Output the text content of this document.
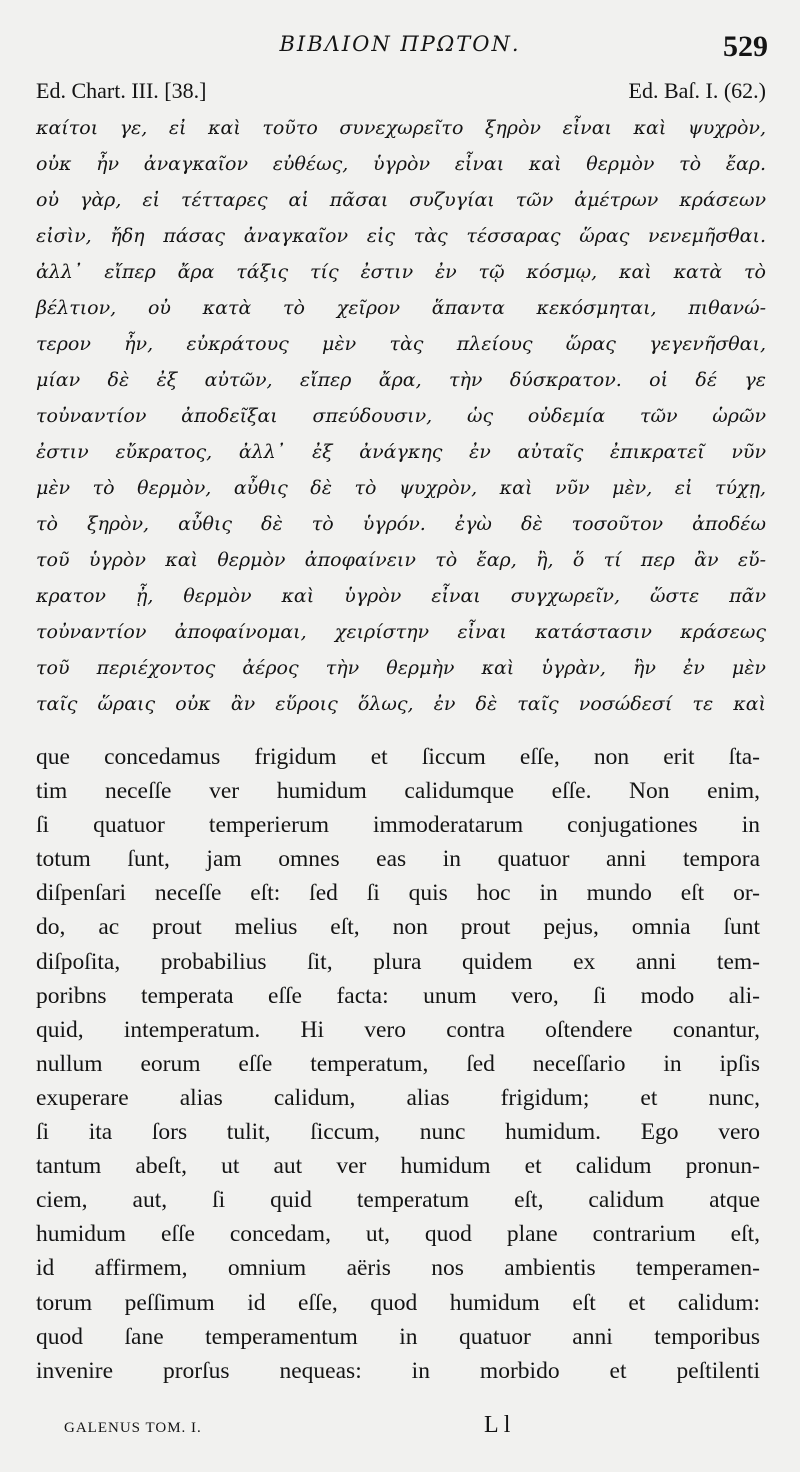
ΒΙΒΛΙΟΝ ΠΡΩΤΟΝ.	529
Ed. Chart. III. [38.]	Ed. Baſ. I. (62.)
καίτοι γε, εἰ καὶ τοῦτο συνεχωρεῖτο ξηρὸν εἶναι καὶ ψυχρὸν,
οὐκ ἦν ἀναγκαῖον εὐθέως, ὑγρὸν εἶναι καὶ θερμὸν τὸ ἔαρ.
οὐ γὰρ, εἰ τέτταρες αἱ πᾶσαι συζυγίαι τῶν ἀμέτρων κράσεων
εἰσὶν, ἤδη πάσας ἀναγκαῖον εἰς τὰς τέσσαρας ὥρας νενεμῆσθαι.
ἀλλ᾽ εἴπερ ἄρα τάξις τίς ἐστιν ἐν τῷ κόσμῳ, καὶ κατὰ τὸ
βέλτιον, οὐ κατὰ τὸ χεῖρον ἅπαντα κεκόσμηται, πιθανώ-
τερον ἦν, εὐκράτους μὲν τὰς πλείους ὥρας γεγενῆσθαι,
μίαν δὲ ἐξ αὐτῶν, εἴπερ ἄρα, τὴν δύσκρατον. οἱ δέ γε
τοὐναντίον ἀποδεῖξαι σπεύδουσιν, ὡς οὐδεμία τῶν ὡρῶν
ἐστιν εὔκρατος, ἀλλ᾽ ἐξ ἀνάγκης ἐν αὐταῖς ἐπικρατεῖ νῦν
μὲν τὸ θερμὸν, αὖθις δὲ τὸ ψυχρὸν, καὶ νῦν μὲν, εἰ τύχῃ,
τὸ ξηρὸν, αὖθις δὲ τὸ ὑγρόν. ἐγὼ δὲ τοσοῦτον ἀποδέω
τοῦ ὑγρὸν καὶ θερμὸν ἀποφαίνειν τὸ ἔαρ, ἢ, ὅ τί περ ἂν εὔ-
κρατον ᾖ, θερμὸν καὶ ὑγρὸν εἶναι συγχωρεῖν, ὥστε πᾶν
τοὐναντίον ἀποφαίνομαι, χειρίστην εἶναι κατάστασιν κράσεως
τοῦ περιέχοντος ἀέρος τὴν θερμὴν καὶ ὑγρὰν, ἣν ἐν μὲν
ταῖς ὥραις οὐκ ἂν εὕροις ὅλως, ἐν δὲ ταῖς νοσώδεσί τε καὶ
que concedamus frigidum et ſiccum eſſe, non erit ſta-
tim neceſſe ver humidum calidumque eſſe. Non enim,
ſi quatuor temperierum immoderatarum conjugationes in
totum ſunt, jam omnes eas in quatuor anni tempora
diſpenſari neceſſe eſt: ſed ſi quis hoc in mundo eſt or-
do, ac prout melius eſt, non prout pejus, omnia ſunt
diſpoſita, probabilius ſit, plura quidem ex anni tem-
poribns temperata eſſe facta: unum vero, ſi modo ali-
quid, intemperatum. Hi vero contra oſtendere conantur,
nullum eorum eſſe temperatum, ſed neceſſario in ipſis
exuperare alias calidum, alias frigidum; et nunc,
ſi ita ſors tulit, ſiccum, nunc humidum. Ego vero
tantum abeſt, ut aut ver humidum et calidum pronun-
ciem, aut, ſi quid temperatum eſt, calidum atque
humidum eſſe concedam, ut, quod plane contrarium eſt,
id affirmem, omnium aëris nos ambientis temperamen-
torum peſſimum id eſſe, quod humidum eſt et calidum:
quod ſane temperamentum in quatuor anni temporibus
invenire prorſus nequeas: in morbido et peſtilenti
GALENUS TOM. I.	L l
